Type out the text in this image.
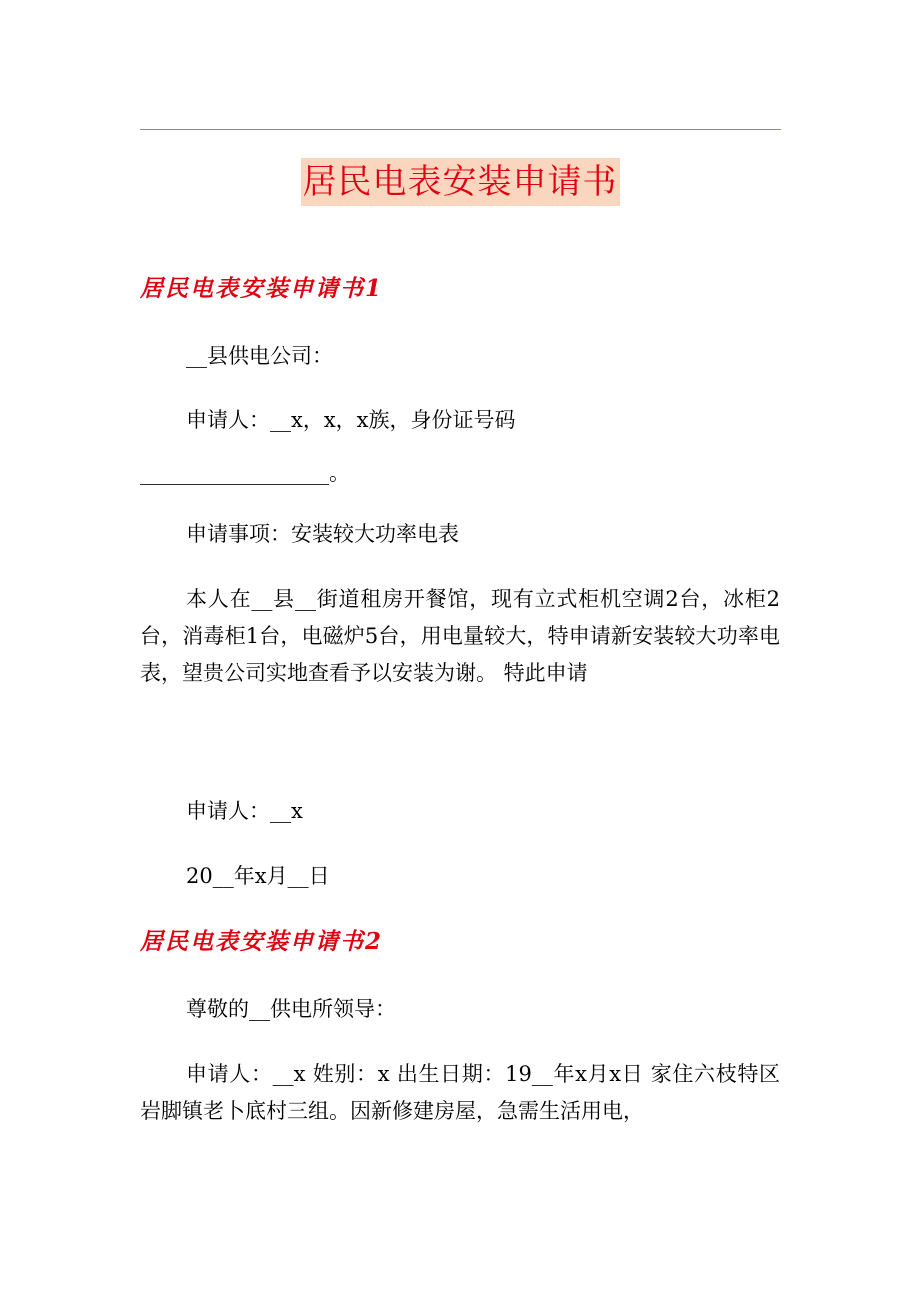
居民电表安装申请书
居民电表安装申请书1

__县供电公司：

申请人：__x，x，x族，身份证号码

__________________。

申请事项：安装较大功率电表

本人在__县__街道租房开餐馆，现有立式柜机空调2台，冰柜2台，消毒柜1台，电磁炉5台，用电量较大，特申请新安装较大功率电表，望贵公司实地查看予以安装为谢。 特此申请

申请人：__x

20__年x月__日

居民电表安装申请书2

尊敬的__供电所领导：

申请人：__x 姓别：x 出生日期：19__年x月x日 家住六枝特区岩脚镇老卜底村三组。因新修建房屋，急需生活用电，
